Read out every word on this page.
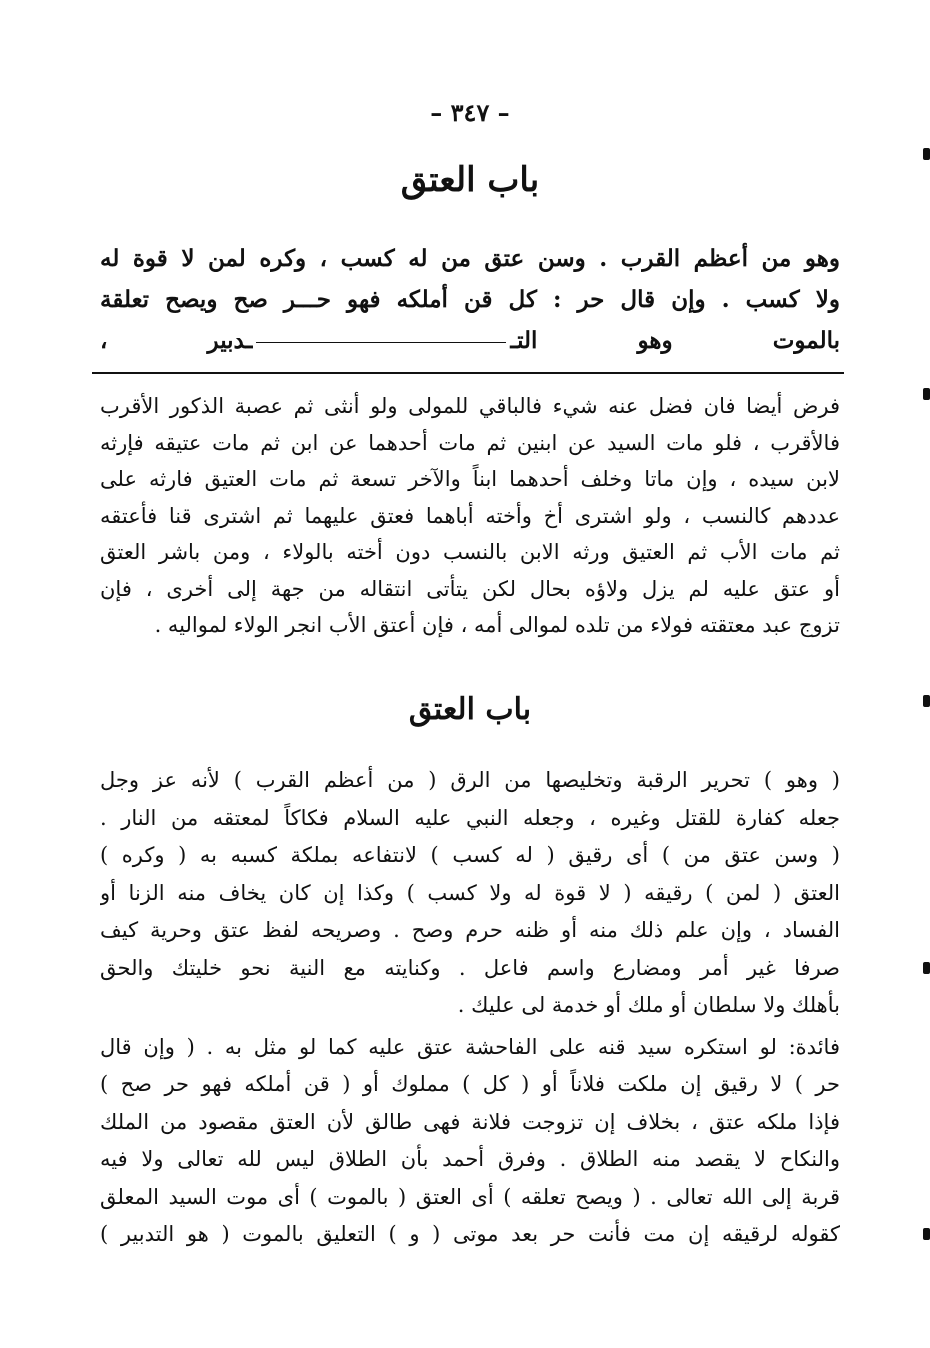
– ٣٤٧ –
باب العتق
وهو من أعظم القرب . وسن عتق من له كسب ، وكره لمن لا قوة له
ولا كسب . وإن قال حر : كل قن أملكه فهو حـــر صح ويصح تعلقة
بالموت وهو التــدبير ،
فرض أيضا فان فضل عنه شيء فالباقي للمولى ولو أنثى ثم عصبة الذكور الأقرب
فالأقرب ، فلو مات السيد عن ابنين ثم مات أحدهما عن ابن ثم مات عتيقه فإرثه
لابن سيده ، وإن ماتا وخلف أحدهما ابناً والآخر تسعة ثم مات العتيق فارثه على
عددهم كالنسب ، ولو اشترى أخ وأخته أباهما فعتق عليهما ثم اشترى قنا فأعتقه
ثم مات الأب ثم العتيق ورثه الابن بالنسب دون أخته بالولاء ، ومن باشر العتق
أو عتق عليه لم يزل ولاؤه بحال لكن يتأتى انتقاله من جهة إلى أخرى ، فإن
تزوج عبد معتقته فولاء من تلده لموالى أمه ، فإن أعتق الأب انجر الولاء لمواليه .
باب العتق
( وهو ) تحرير الرقبة وتخليصها من الرق ( من أعظم القرب ) لأنه عز وجل
جعله كفارة للقتل وغيره ، وجعله النبي عليه السلام فكاكاً لمعتقه من النار .
( وسن عتق من ) أى رقيق ( له كسب ) لانتفاعه بملكة كسبه به ( وكره )
العتق ( لمن ) رقيقه ( لا قوة له ولا كسب ) وكذا إن كان يخاف منه الزنا أو
الفساد ، وإن علم ذلك منه أو ظنه حرم وصح . وصريحه لفظ عتق وحرية كيف
صرفا غير أمر ومضارع واسم فاعل . وكنايته مع النية نحو خليتك والحق
بأهلك ولا سلطان أو ملك أو خدمة لى عليك .
فائدة: لو استكره سيد قنه على الفاحشة عتق عليه كما لو مثل به . ( وإن قال
حر ) لا رقيق إن ملكت فلاناً أو ( كل ) مملوك أو ( قن أملكه فهو حر صح )
فإذا ملكه عتق ، بخلاف إن تزوجت فلانة فهى طالق لأن العتق مقصود من الملك
والنكاح لا يقصد منه الطلاق . وفرق أحمد بأن الطلاق ليس لله تعالى ولا فيه
قربة إلى الله تعالى . ( ويصح تعلقه ) أى العتق ( بالموت ) أى موت السيد المعلق
كقوله لرقيقه إن مت فأنت حر بعد موتى ( و ) التعليق بالموت ( هو التدبير )
